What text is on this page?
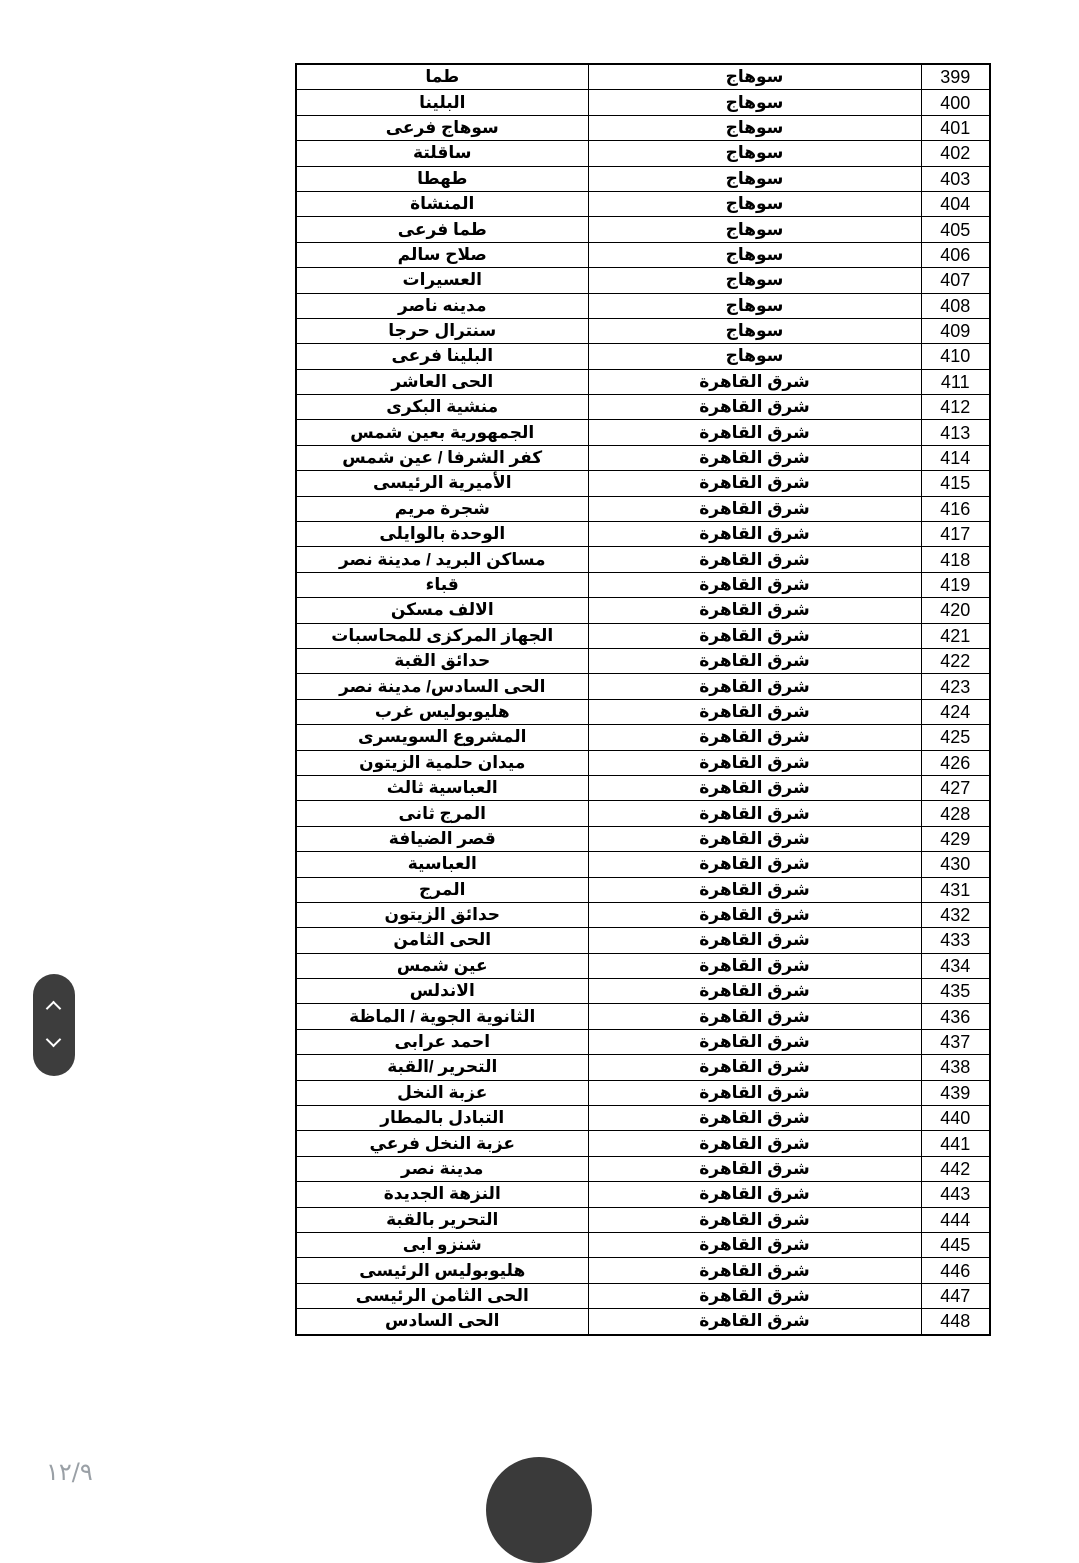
طما	سوهاج	399
البلينا	سوهاج	400
سوهاج فرعى	سوهاج	401
ساقلتة	سوهاج	402
طهطا	سوهاج	403
المنشاة	سوهاج	404
طما فرعى	سوهاج	405
صلاح سالم	سوهاج	406
العسيرات	سوهاج	407
مدينه ناصر	سوهاج	408
سنترال حرجا	سوهاج	409
البلينا فرعى	سوهاج	410
الحى العاشر	شرق القاهرة	411
منشية البكرى	شرق القاهرة	412
الجمهورية بعين شمس	شرق القاهرة	413
كفر الشرفا / عين شمس	شرق القاهرة	414
الأميرية الرئيسى	شرق القاهرة	415
شجرة مريم	شرق القاهرة	416
الوحدة بالوايلى	شرق القاهرة	417
مساكن البريد / مدينة نصر	شرق القاهرة	418
قباء	شرق القاهرة	419
الالف مسكن	شرق القاهرة	420
الجهاز المركزى للمحاسبات	شرق القاهرة	421
حدائق القبة	شرق القاهرة	422
الحى السادس/ مدينة نصر	شرق القاهرة	423
هليوبوليس غرب	شرق القاهرة	424
المشروع السويسرى	شرق القاهرة	425
ميدان حلمية الزيتون	شرق القاهرة	426
العباسية ثالث	شرق القاهرة	427
المرج ثانى	شرق القاهرة	428
قصر الضيافة	شرق القاهرة	429
العباسية	شرق القاهرة	430
المرج	شرق القاهرة	431
حدائق الزيتون	شرق القاهرة	432
الحى الثامن	شرق القاهرة	433
عين شمس	شرق القاهرة	434
الاندلس	شرق القاهرة	435
الثانوية الجوية / الماظة	شرق القاهرة	436
احمد عرابى	شرق القاهرة	437
التحرير /القبة	شرق القاهرة	438
عزبة النخل	شرق القاهرة	439
التبادل بالمطار	شرق القاهرة	440
عزبة النخل فرعي	شرق القاهرة	441
مدينة نصر	شرق القاهرة	442
النزهة الجديدة	شرق القاهرة	443
التحرير بالقبة	شرق القاهرة	444
شنزو ابى	شرق القاهرة	445
هليوبوليس الرئيسى	شرق القاهرة	446
الحى الثامن الرئيسى	شرق القاهرة	447
الحى السادس	شرق القاهرة	448
١٢/٩
